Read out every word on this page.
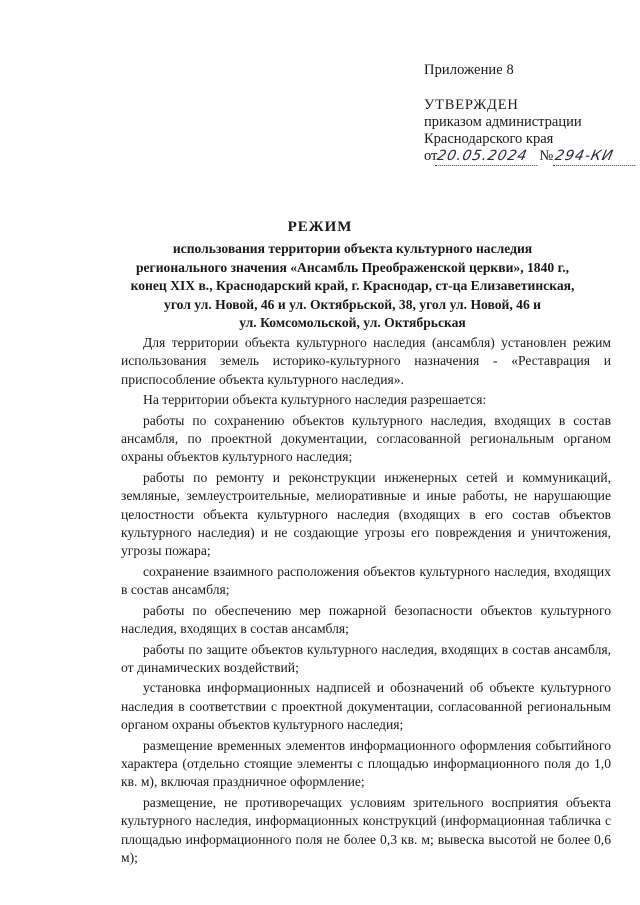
Приложение 8
УТВЕРЖДЕН
приказом администрации
Краснодарского края
от20.05.2024 №294-КИ
РЕЖИМ
использования территории объекта культурного наследия
регионального значения «Ансамбль Преображенской церкви», 1840 г.,
конец XIX в., Краснодарский край, г. Краснодар, ст-ца Елизаветинская,
угол ул. Новой, 46 и ул. Октябрьской, 38, угол ул. Новой, 46 и
ул. Комсомольской, ул. Октябрьская

Для территории объекта культурного наследия (ансамбля) установлен режим использования земель историко-культурного назначения - «Реставрация и приспособление объекта культурного наследия».

На территории объекта культурного наследия разрешается:

работы по сохранению объектов культурного наследия, входящих в состав ансамбля, по проектной документации, согласованной региональным органом охраны объектов культурного наследия;

работы по ремонту и реконструкции инженерных сетей и коммуникаций, земляные, землеустроительные, мелиоративные и иные работы, не нарушающие целостности объекта культурного наследия (входящих в его состав объектов культурного наследия) и не создающие угрозы его повреждения и уничтожения, угрозы пожара;

сохранение взаимного расположения объектов культурного наследия, входящих в состав ансамбля;

работы по обеспечению мер пожарной безопасности объектов культурного наследия, входящих в состав ансамбля;

работы по защите объектов культурного наследия, входящих в состав ансамбля, от динамических воздействий;

установка информационных надписей и обозначений об объекте культурного наследия в соответствии с проектной документации, согласованной региональным органом охраны объектов культурного наследия;

размещение временных элементов информационного оформления событийного характера (отдельно стоящие элементы с площадью информационного поля до 1,0 кв. м), включая праздничное оформление;

размещение, не противоречащих условиям зрительного восприятия объекта культурного наследия, информационных конструкций (информационная табличка с площадью информационного поля не более 0,3 кв. м; вывеска высотой не более 0,6 м);
